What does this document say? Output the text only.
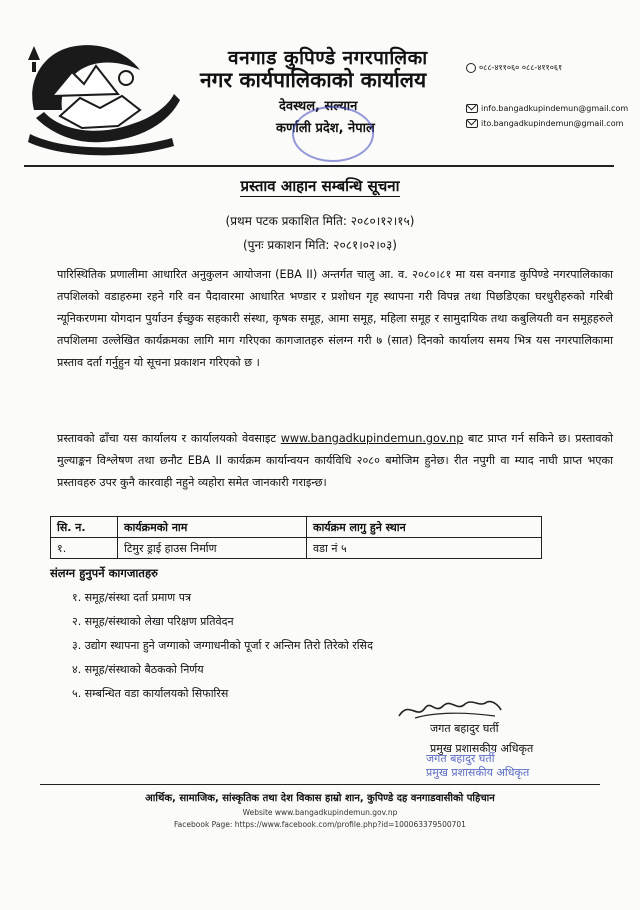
वनगाड कुपिण्डे नगरपालिका
नगर कार्यपालिकाको कार्यालय
देवस्थल, सल्यान
कर्णाली प्रदेश, नेपाल
०८८-४११०६० ०८८-४११०६१
info.bangadkupindemun@gmail.com
ito.bangadkupindemun@gmail.com
प्रस्ताव आहान सम्बन्धि सूचना
(प्रथम पटक प्रकाशित मिति: २०८०।१२।१५)
(पुनः प्रकाशन मिति: २०८१।०२।०३)
पारिस्थितिक प्रणालीमा आधारित अनुकुलन आयोजना (EBA II) अन्तर्गत चालु आ. व. २०८०।८१ मा यस वनगाड कुपिण्डे नगरपालिकाका तपशिलको वडाहरुमा रहने गरि वन पैदावारमा आधारित भण्डार र प्रशोधन गृह स्थापना गरी विपन्न तथा पिछडिएका घरधुरीहरुको गरिबी न्यूनिकरणमा योगदान पुर्याउन ईच्छुक सहकारी संस्था, कृषक समूह, आमा समूह, महिला समूह र सामुदायिक तथा कबुलियती वन समूहहरुले तपशिलमा उल्लेखित कार्यक्रमका लागि माग गरिएका कागजातहरु संलग्न गरी ७ (सात) दिनको कार्यालय समय भित्र यस नगरपालिकामा प्रस्ताव दर्ता गर्नुहुन यो सूचना प्रकाशन गरिएको छ ।
प्रस्तावको ढाँचा यस कार्यालय र कार्यालयको वेवसाइट www.bangadkupindemun.gov.np बाट प्राप्त गर्न सकिने छ। प्रस्तावको मुल्याङ्कन विश्लेषण तथा छनौट EBA II कार्यक्रम कार्यान्वयन कार्यविधि २०८० बमोजिम हुनेछ। रीत नपुगी वा म्याद नाघी प्राप्त भएका प्रस्तावहरु उपर कुनै कारवाही नहुने व्यहोरा समेत जानकारी गराइन्छ।
सि. न.	कार्यक्रमको नाम	कार्यक्रम लागु हुने स्थान
१.	टिमुर ड्राई हाउस निर्माण	वडा नं ५
संलग्न हुनुपर्ने कागजातहरु
१. समूह/संस्था दर्ता प्रमाण पत्र
२. समूह/संस्थाको लेखा परिक्षण प्रतिवेदन
३. उद्योग स्थापना हुने जग्गाको जग्गाधनीको पूर्जा र अन्तिम तिरो तिरेको रसिद
४. समूह/संस्थाको बैठकको निर्णय
५. सम्बन्धित वडा कार्यालयको सिफारिस
जगत बहादुर घर्ती
प्रमुख प्रशासकीय अधिकृत
जगत बहादुर घर्ती
प्रमुख प्रशासकीय अधिकृत
आर्थिक, सामाजिक, सांस्कृतिक तथा देश विकास हाम्रो शान, कुपिण्डे दह वनगाडवासीको पहिचान
Website www.bangadkupindemun.gov.np
Facebook Page: https://www.facebook.com/profile.php?id=100063379500701
